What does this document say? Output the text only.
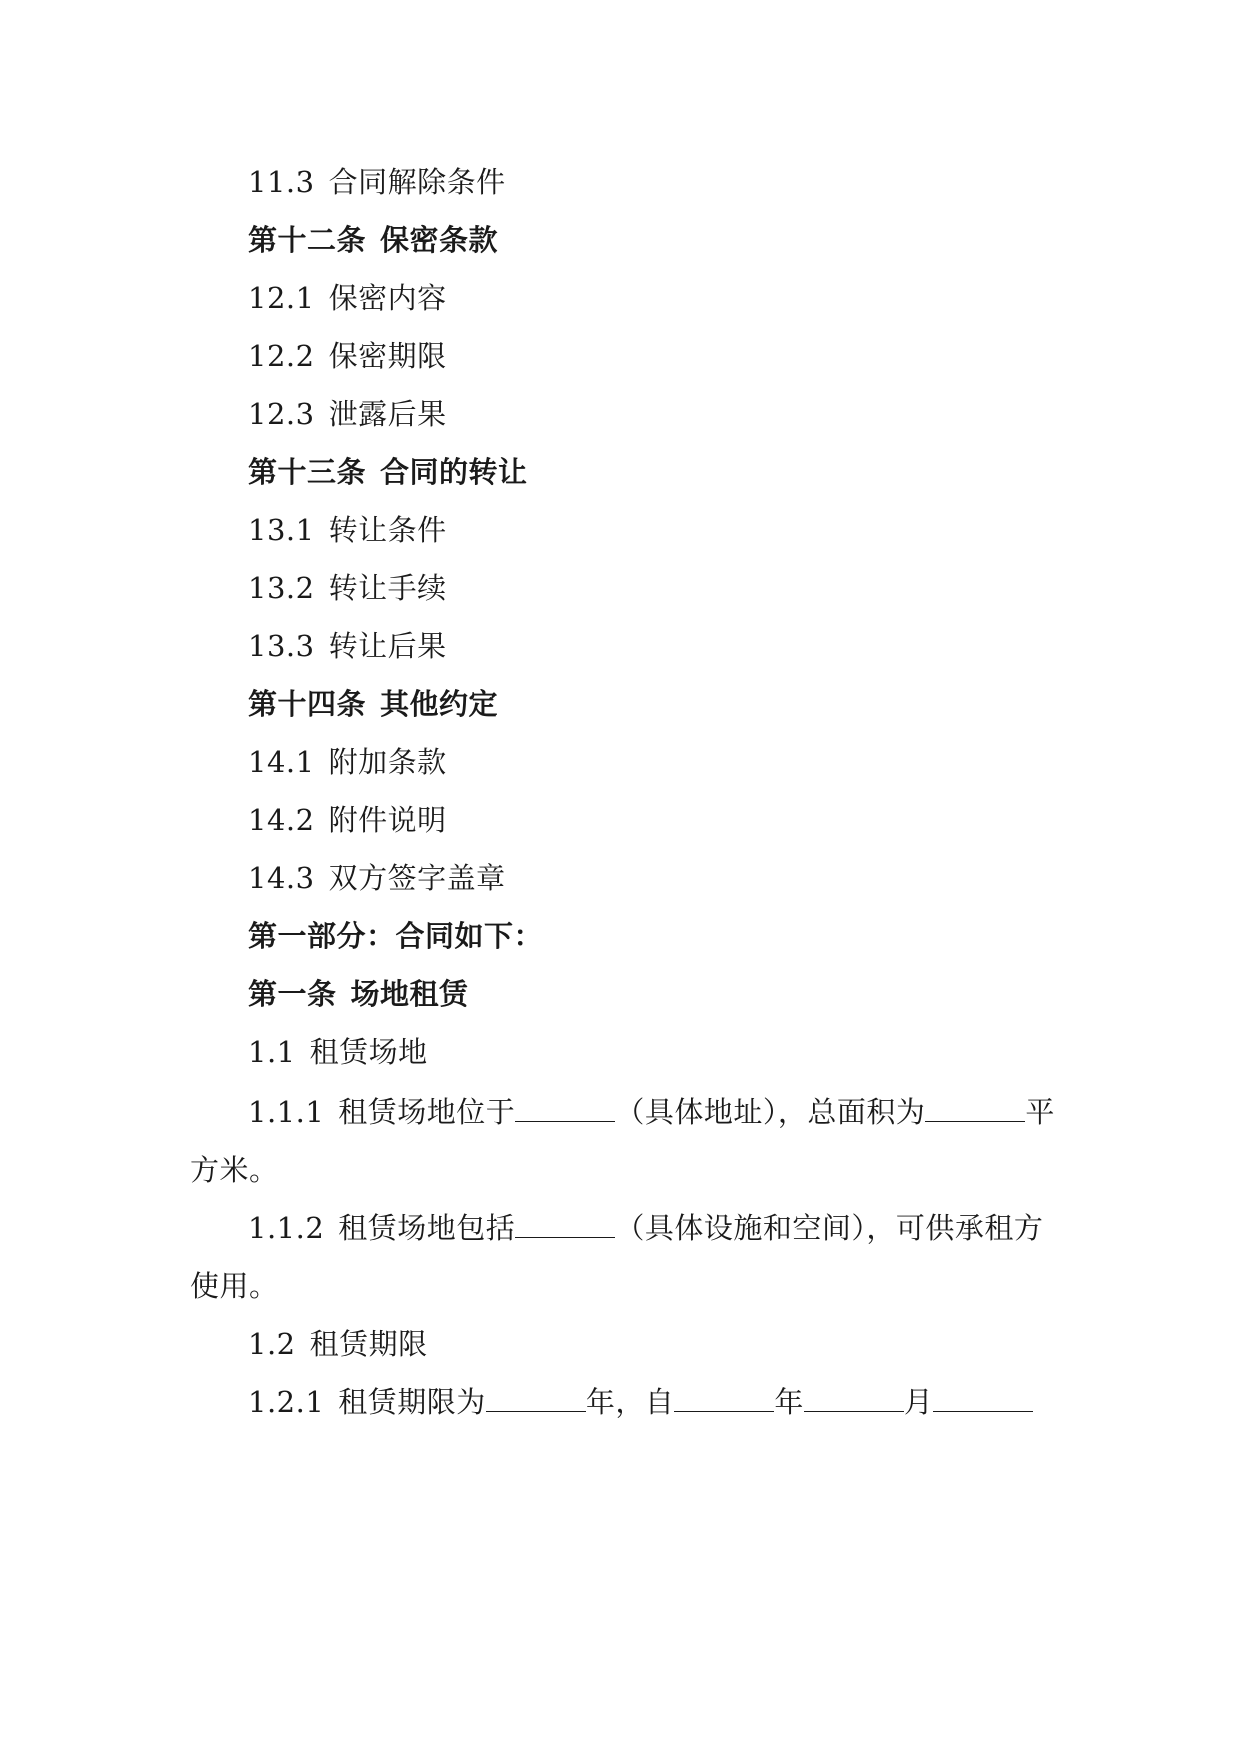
11.3 合同解除条件
第十二条 保密条款
12.1 保密内容
12.2 保密期限
12.3 泄露后果
第十三条 合同的转让
13.1 转让条件
13.2 转让手续
13.3 转让后果
第十四条 其他约定
14.1 附加条款
14.2 附件说明
14.3 双方签字盖章
第一部分：合同如下：
第一条 场地租赁
1.1 租赁场地
1.1.1 租赁场地位于	（具体地址），总面积为	平
方米。
1.1.2 租赁场地包括	（具体设施和空间），可供承租方
使用。
1.2 租赁期限
1.2.1 租赁期限为	年，自	年	月
